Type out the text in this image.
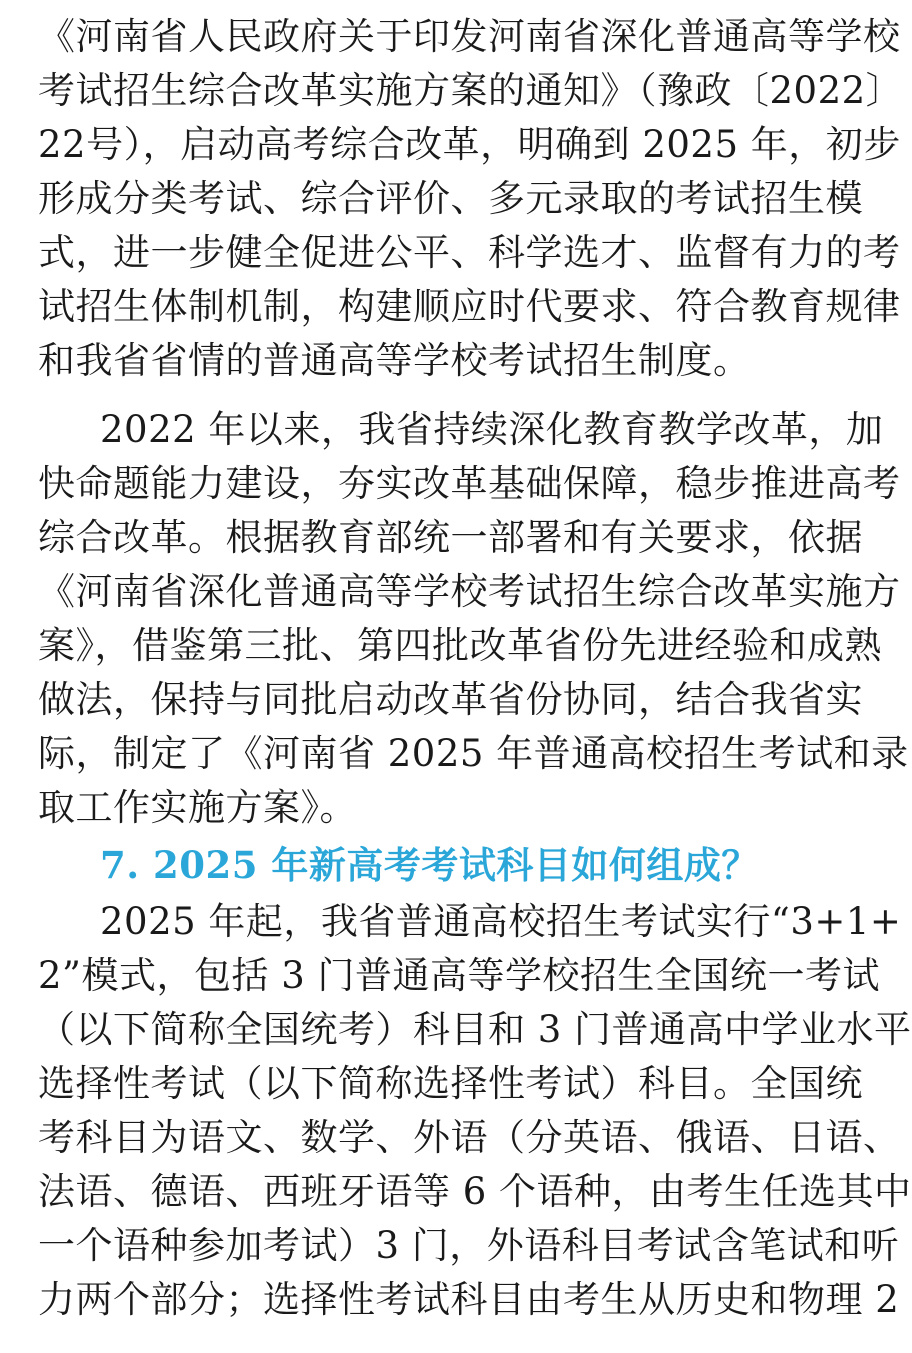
《河南省人民政府关于印发河南省深化普通高等学校
考试招生综合改革实施方案的通知》（豫政〔2022〕
22号），启动高考综合改革，明确到 2025 年，初步
形成分类考试、综合评价、多元录取的考试招生模
式，进一步健全促进公平、科学选才、监督有力的考
试招生体制机制，构建顺应时代要求、符合教育规律
和我省省情的普通高等学校考试招生制度。
2022 年以来，我省持续深化教育教学改革，加
快命题能力建设，夯实改革基础保障，稳步推进高考
综合改革。根据教育部统一部署和有关要求，依据
《河南省深化普通高等学校考试招生综合改革实施方
案》，借鉴第三批、第四批改革省份先进经验和成熟
做法，保持与同批启动改革省份协同，结合我省实
际，制定了《河南省 2025 年普通高校招生考试和录
取工作实施方案》。
7. 2025 年新高考考试科目如何组成？
2025 年起，我省普通高校招生考试实行“3+1+
2”模式，包括 3 门普通高等学校招生全国统一考试
（以下简称全国统考）科目和 3 门普通高中学业水平
选择性考试（以下简称选择性考试）科目。全国统
考科目为语文、数学、外语（分英语、俄语、日语、
法语、德语、西班牙语等 6 个语种，由考生任选其中
一个语种参加考试）3 门，外语科目考试含笔试和听
力两个部分；选择性考试科目由考生从历史和物理 2
